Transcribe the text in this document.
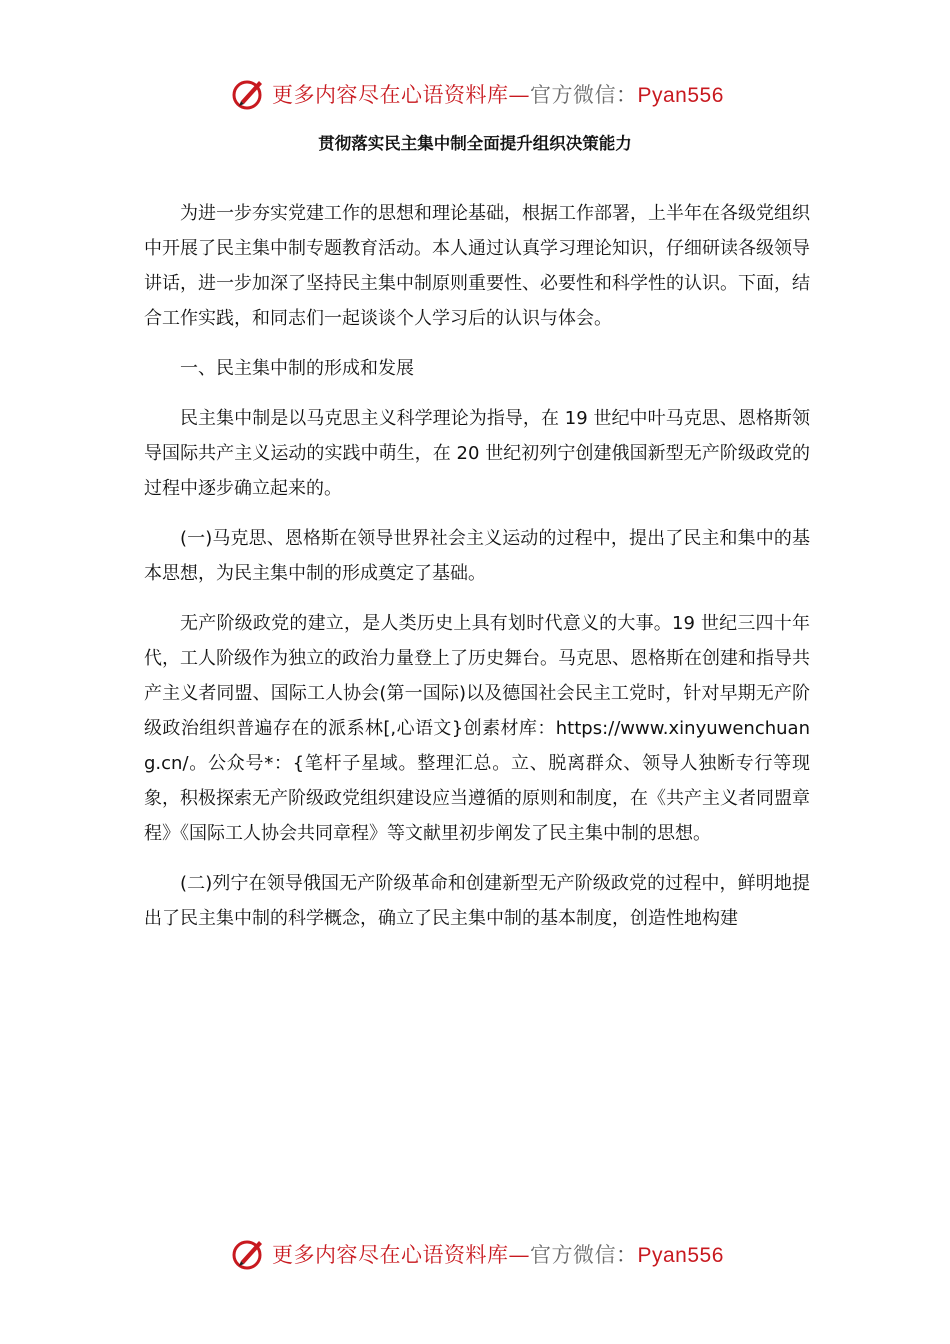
更多内容尽在心语资料库—官方微信：Pyan556
贯彻落实民主集中制全面提升组织决策能力

为进一步夯实党建工作的思想和理论基础，根据工作部署，上半年在各级党组织中开展了民主集中制专题教育活动。本人通过认真学习理论知识，仔细研读各级领导讲话，进一步加深了坚持民主集中制原则重要性、必要性和科学性的认识。下面，结合工作实践，和同志们一起谈谈个人学习后的认识与体会。

一、民主集中制的形成和发展

民主集中制是以马克思主义科学理论为指导，在 19 世纪中叶马克思、恩格斯领导国际共产主义运动的实践中萌生，在 20 世纪初列宁创建俄国新型无产阶级政党的过程中逐步确立起来的。

(一)马克思、恩格斯在领导世界社会主义运动的过程中，提出了民主和集中的基本思想，为民主集中制的形成奠定了基础。

无产阶级政党的建立，是人类历史上具有划时代意义的大事。19 世纪三四十年代，工人阶级作为独立的政治力量登上了历史舞台。马克思、恩格斯在创建和指导共产主义者同盟、国际工人协会(第一国际)以及德国社会民主工党时，针对早期无产阶级政治组织普遍存在的派系林[,心语文}创素材库：https://www.xinyuwenchuang.cn/。公众号*：{笔杆子星域。整理汇总。立、脱离群众、领导人独断专行等现象，积极探索无产阶级政党组织建设应当遵循的原则和制度，在《共产主义者同盟章程》《国际工人协会共同章程》等文献里初步阐发了民主集中制的思想。

(二)列宁在领导俄国无产阶级革命和创建新型无产阶级政党的过程中，鲜明地提出了民主集中制的科学概念，确立了民主集中制的基本制度，创造性地构建

更多内容尽在心语资料库—官方微信：Pyan556
